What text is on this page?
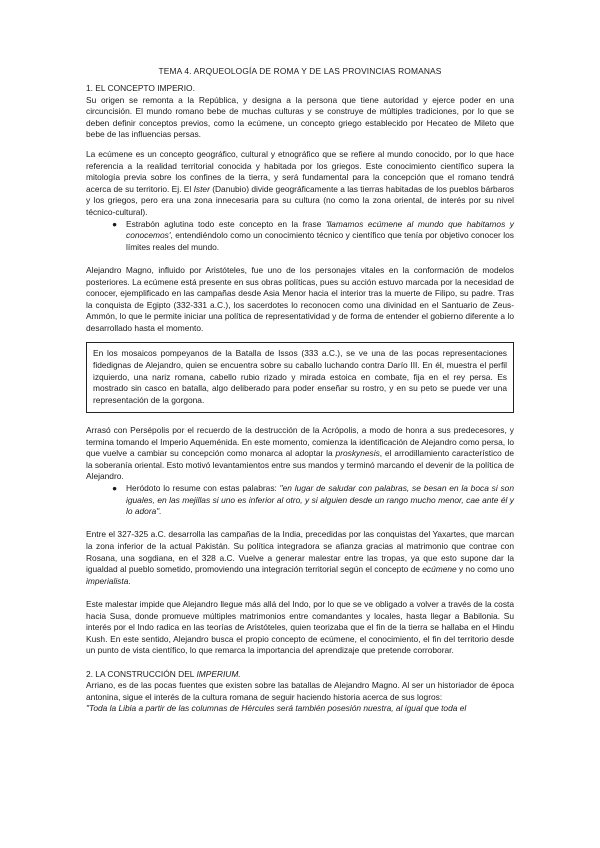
TEMA 4. ARQUEOLOGÍA DE ROMA Y DE LAS PROVINCIAS ROMANAS
1. EL CONCEPTO IMPERIO.

Su origen se remonta a la República, y designa a la persona que tiene autoridad y ejerce poder en una circuncisión. El mundo romano bebe de muchas culturas y se construye de múltiples tradiciones, por lo que se deben definir conceptos previos, como la ecúmene, un concepto griego establecido por Hecateo de Mileto que bebe de las influencias persas.

La ecúmene es un concepto geográfico, cultural y etnográfico que se refiere al mundo conocido, por lo que hace referencia a la realidad territorial conocida y habitada por los griegos. Este conocimiento científico supera la mitología previa sobre los confines de la tierra, y será fundamental para la concepción que el romano tendrá acerca de su territorio. Ej. El Ister (Danubio) divide geográficamente a las tierras habitadas de los pueblos bárbaros y los griegos, pero era una zona innecesaria para su cultura (no como la zona oriental, de interés por su nivel técnico-cultural).

● Estrabón aglutina todo este concepto en la frase 'llamamos ecúmene al mundo que habitamos y conocemos', entendiéndolo como un conocimiento técnico y científico que tenía por objetivo conocer los límites reales del mundo.

Alejandro Magno, influido por Aristóteles, fue uno de los personajes vitales en la conformación de modelos posteriores. La ecúmene está presente en sus obras políticas, pues su acción estuvo marcada por la necesidad de conocer, ejemplificado en las campañas desde Asia Menor hacia el interior tras la muerte de Filipo, su padre. Tras la conquista de Egipto (332-331 a.C.), los sacerdotes lo reconocen como una divinidad en el Santuario de Zeus-Ammón, lo que le permite iniciar una política de representatividad y de forma de entender el gobierno diferente a lo desarrollado hasta el momento.

En los mosaicos pompeyanos de la Batalla de Issos (333 a.C.), se ve una de las pocas representaciones fidedignas de Alejandro, quien se encuentra sobre su caballo luchando contra Darío III. En él, muestra el perfil izquierdo, una nariz romana, cabello rubio rizado y mirada estoica en combate, fija en el rey persa. Es mostrado sin casco en batalla, algo deliberado para poder enseñar su rostro, y en su peto se puede ver una representación de la gorgona.

Arrasó con Persépolis por el recuerdo de la destrucción de la Acrópolis, a modo de honra a sus predecesores, y termina tomando el Imperio Aqueménida. En este momento, comienza la identificación de Alejandro como persa, lo que vuelve a cambiar su concepción como monarca al adoptar la proskynesis, el arrodillamiento característico de la soberanía oriental. Esto motivó levantamientos entre sus mandos y terminó marcando el devenir de la política de Alejandro.

● Heródoto lo resume con estas palabras: "en lugar de saludar con palabras, se besan en la boca si son iguales, en las mejillas si uno es inferior al otro, y si alguien desde un rango mucho menor, cae ante él y lo adora".

Entre el 327-325 a.C. desarrolla las campañas de la India, precedidas por las conquistas del Yaxartes, que marcan la zona inferior de la actual Pakistán. Su política integradora se afianza gracias al matrimonio que contrae con Rosana, una sogdiana, en el 328 a.C. Vuelve a generar malestar entre las tropas, ya que esto supone dar la igualdad al pueblo sometido, promoviendo una integración territorial según el concepto de ecúmene y no como uno imperialista.

Este malestar impide que Alejandro llegue más allá del Indo, por lo que se ve obligado a volver a través de la costa hacia Susa, donde promueve múltiples matrimonios entre comandantes y locales, hasta llegar a Babilonia. Su interés por el Indo radica en las teorías de Aristóteles, quien teorizaba que el fin de la tierra se hallaba en el Hindu Kush. En este sentido, Alejandro busca el propio concepto de ecúmene, el conocimiento, el fin del territorio desde un punto de vista científico, lo que remarca la importancia del aprendizaje que pretende corroborar.

2. LA CONSTRUCCIÓN DEL IMPERIUM.

Arriano, es de las pocas fuentes que existen sobre las batallas de Alejandro Magno. Al ser un historiador de época antonina, sigue el interés de la cultura romana de seguir haciendo historia acerca de sus logros:

"Toda la Libia a partir de las columnas de Hércules será también posesión nuestra, al igual que toda el
